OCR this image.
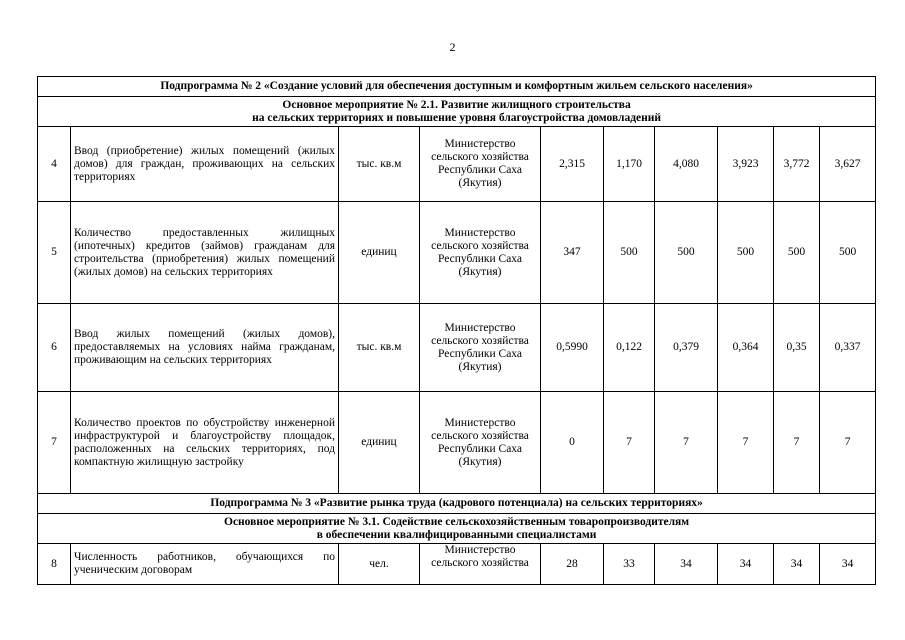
2
Подпрограмма № 2 «Создание условий для обеспечения доступным и комфортным жильем сельского населения»									

Основное мероприятие № 2.1. Развитие жилищного строительства
на сельских территориях и повышение уровня благоустройства домовладений									

4	Ввод (приобретение) жилых помещений (жилых домов) для граждан, проживающих на сельских территориях	тыс. кв.м	Министерство сельского хозяйства Республики Саха (Якутия)	2,315	1,170	4,080	3,923	3,772	3,627
5	Количество предоставленных жилищных (ипотечных) кредитов (займов) гражданам для строительства (приобретения) жилых помещений (жилых домов) на сельских территориях	единиц	Министерство сельского хозяйства Республики Саха (Якутия)	347	500	500	500	500	500
6	Ввод жилых помещений (жилых домов), предоставляемых на условиях найма гражданам, проживающим на сельских территориях	тыс. кв.м	Министерство сельского хозяйства Республики Саха (Якутия)	0,5990	0,122	0,379	0,364	0,35	0,337
7	Количество проектов по обустройству инженерной инфраструктурой и благоустройству площадок, расположенных на сельских территориях, под компактную жилищную застройку	единиц	Министерство сельского хозяйства Республики Саха (Якутия)	0	7	7	7	7	7
Подпрограмма № 3 «Развитие рынка труда (кадрового потенциала) на сельских территориях»									

Основное мероприятие № 3.1. Содействие сельскохозяйственным товаропроизводителям
в обеспечении квалифицированными специалистами									

8	Численность работников, обучающихся по ученическим договорам	чел.	Министерство сельского хозяйства	28	33	34	34	34	34
